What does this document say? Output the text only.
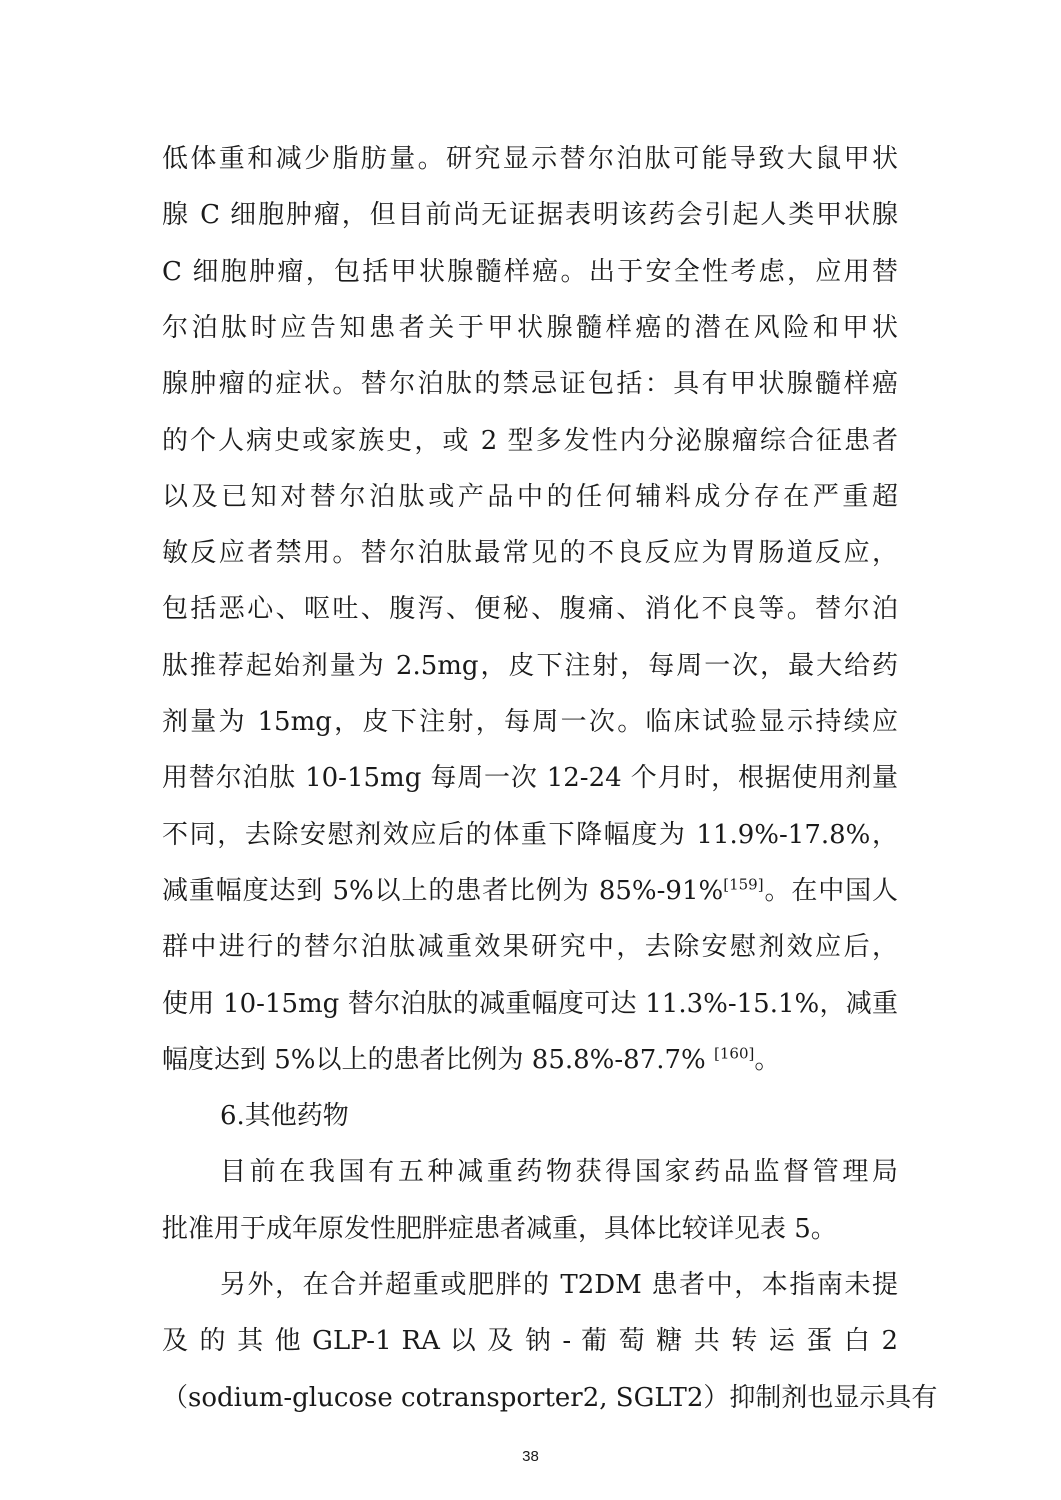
低体重和减少脂肪量。研究显示替尔泊肽可能导致大鼠甲状
腺 C 细胞肿瘤，但目前尚无证据表明该药会引起人类甲状腺
C 细胞肿瘤，包括甲状腺髓样癌。出于安全性考虑，应用替
尔泊肽时应告知患者关于甲状腺髓样癌的潜在风险和甲状
腺肿瘤的症状。替尔泊肽的禁忌证包括：具有甲状腺髓样癌
的个人病史或家族史，或 2 型多发性内分泌腺瘤综合征患者
以及已知对替尔泊肽或产品中的任何辅料成分存在严重超
敏反应者禁用。替尔泊肽最常见的不良反应为胃肠道反应，
包括恶心、呕吐、腹泻、便秘、腹痛、消化不良等。替尔泊
肽推荐起始剂量为 2.5mg，皮下注射，每周一次，最大给药
剂量为 15mg，皮下注射，每周一次。临床试验显示持续应
用替尔泊肽 10-15mg 每周一次 12-24 个月时，根据使用剂量
不同，去除安慰剂效应后的体重下降幅度为 11.9%-17.8%，
减重幅度达到 5%以上的患者比例为 85%-91%[159]。在中国人
群中进行的替尔泊肽减重效果研究中，去除安慰剂效应后，
使用 10-15mg 替尔泊肽的减重幅度可达 11.3%-15.1%，减重
幅度达到 5%以上的患者比例为 85.8%-87.7% [160]。
6.其他药物
目前在我国有五种减重药物获得国家药品监督管理局
批准用于成年原发性肥胖症患者减重，具体比较详见表 5。
另外，在合并超重或肥胖的 T2DM 患者中，本指南未提
38
及 的 其 他 GLP-1 RA 以 及 钠 - 葡 萄 糖 共 转 运 蛋 白 2
（sodium-glucose cotransporter2, SGLT2）抑制剂也显示具有
